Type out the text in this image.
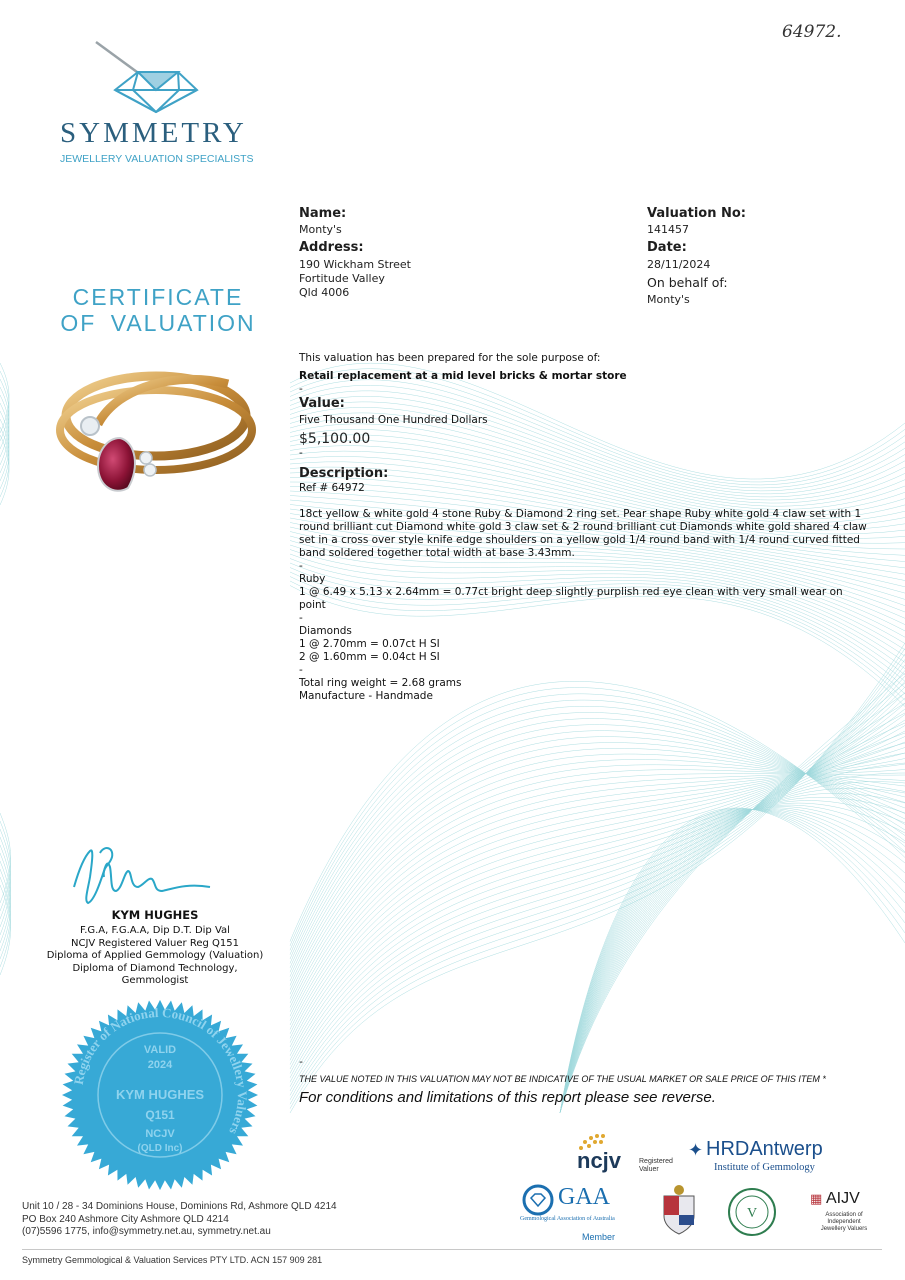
64972.
SYMMETRY
JEWELLERY VALUATION SPECIALISTS
CERTIFICATE
OF VALUATION
Name:
Monty's
Address:
190 Wickham Street
Fortitude Valley
Qld 4006
Valuation No:
141457
Date:
28/11/2024
On behalf of:
Monty's
This valuation has been prepared for the sole purpose of:
Retail replacement at a mid level bricks & mortar store
-
Value:
Five Thousand One Hundred Dollars
$5,100.00
-
Description:
Ref # 64972
18ct yellow & white gold 4 stone Ruby & Diamond 2 ring set. Pear shape Ruby white gold 4 claw set with 1 round brilliant cut Diamond white gold 3 claw set & 2 round brilliant cut Diamonds white gold shared 4 claw set in a cross over style knife edge shoulders on a yellow gold 1/4 round band with 1/4 round curved fitted band soldered together total width at base 3.43mm.
-
Ruby
1 @ 6.49 x 5.13 x 2.64mm = 0.77ct bright deep slightly purplish red eye clean with very small wear on point
-
Diamonds
1 @ 2.70mm = 0.07ct H SI
2 @ 1.60mm = 0.04ct H SI
-
Total ring weight = 2.68 grams
Manufacture - Handmade
KYM HUGHES
F.G.A, F.G.A.A, Dip D.T. Dip Val
NCJV Registered Valuer Reg Q151
Diploma of Applied Gemmology (Valuation)
Diploma of Diamond Technology,
Gemmologist
Register of National Council of Jewellery Valuers
VALID
2024
KYM HUGHES
Q151
NCJV
(QLD Inc)
-
THE VALUE NOTED IN THIS VALUATION MAY NOT BE INDICATIVE OF THE USUAL MARKET OR SALE PRICE OF THIS ITEM *
For conditions and limitations of this report please see reverse.
ncjv	Registered
Valuer
✦ HRDAntwerp
Institute of Gemmology
GAA
Gemmological Association of Australia
Member
V
▦ AIJV
Association of
Independent
Jewellery Valuers
Unit 10 / 28 - 34 Dominions House, Dominions Rd, Ashmore QLD 4214
PO Box 240 Ashmore City Ashmore QLD 4214
(07)5596 1775, info@symmetry.net.au, symmetry.net.au
Symmetry Gemmological & Valuation Services PTY LTD. ACN 157 909 281
